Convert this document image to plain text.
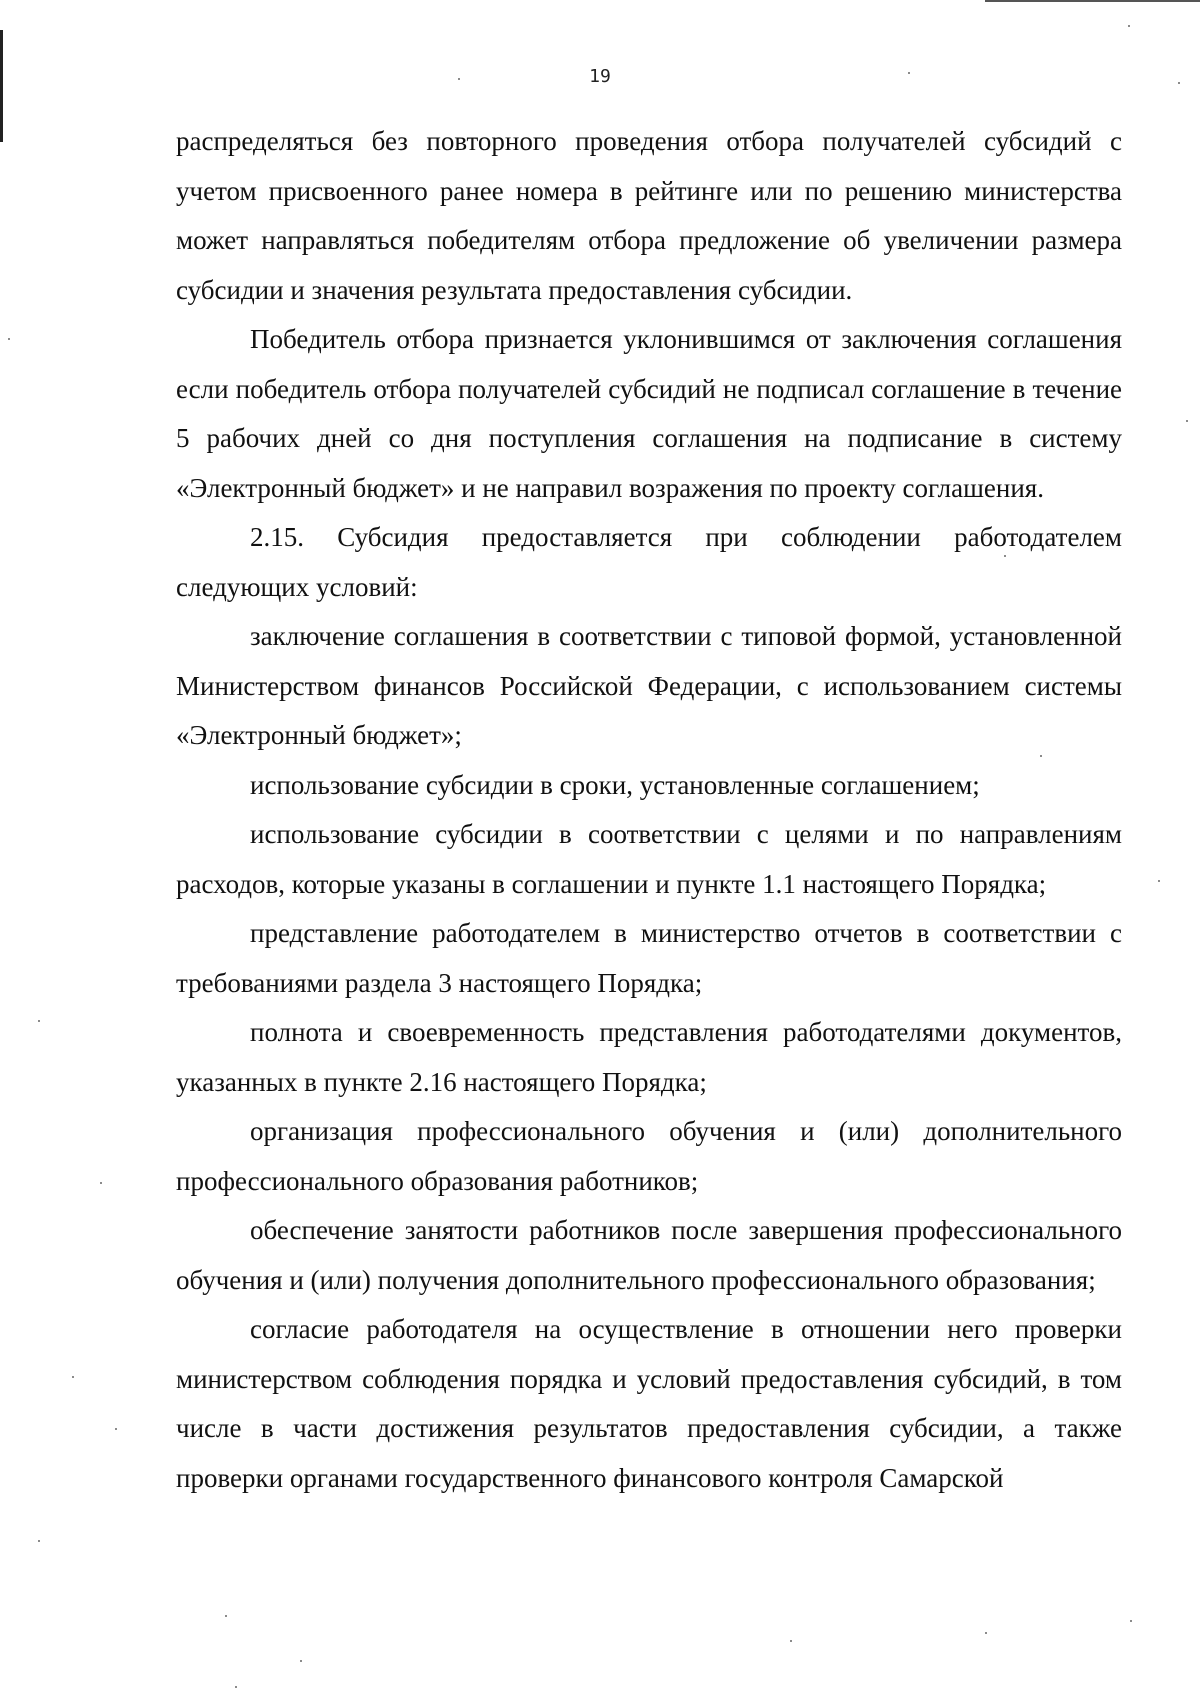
19

распределяться без повторного проведения отбора получателей субсидий с учетом присвоенного ранее номера в рейтинге или по решению министерства может направляться победителям отбора предложение об увеличении размера субсидии и значения результата предоставления субсидии.

Победитель отбора признается уклонившимся от заключения соглашения если победитель отбора получателей субсидий не подписал соглашение в течение 5 рабочих дней со дня поступления соглашения на подписание в систему «Электронный бюджет» и не направил возражения по проекту соглашения.

2.15. Субсидия предоставляется при соблюдении работодателем следующих условий:

заключение соглашения в соответствии с типовой формой, установленной Министерством финансов Российской Федерации, с использованием системы «Электронный бюджет»;

использование субсидии в сроки, установленные соглашением;

использование субсидии в соответствии с целями и по направлениям расходов, которые указаны в соглашении и пункте 1.1 настоящего Порядка;

представление работодателем в министерство отчетов в соответствии с требованиями раздела 3 настоящего Порядка;

полнота и своевременность представления работодателями документов, указанных в пункте 2.16 настоящего Порядка;

организация профессионального обучения и (или) дополнительного профессионального образования работников;

обеспечение занятости работников после завершения профессионального обучения и (или) получения дополнительного профессионального образования;

согласие работодателя на осуществление в отношении него проверки министерством соблюдения порядка и условий предоставления субсидий, в том числе в части достижения результатов предоставления субсидии, а также проверки органами государственного финансового контроля Самарской
